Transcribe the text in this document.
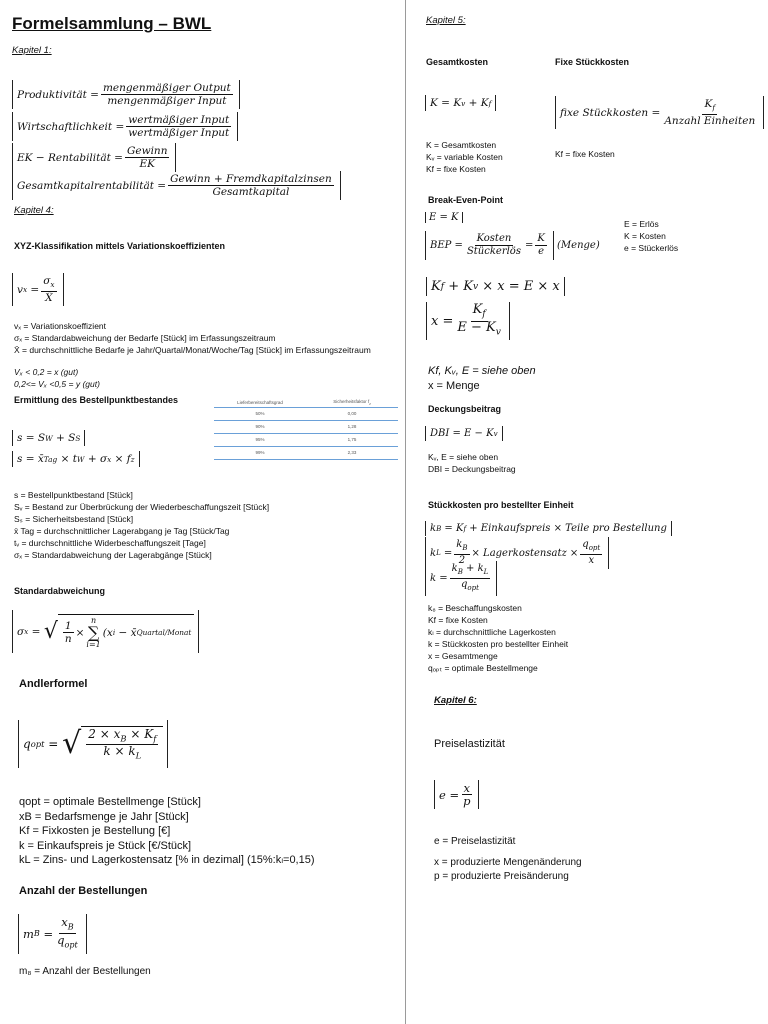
Formelsammlung – BWL
Kapitel 1:
Produktivität = $\frac{\text{mengenmäßiger Output}}{\text{mengenmäßiger Input}}$
Wirtschaftlichkeit = $\frac{\text{wertmäßiger Input}}{\text{wertmäßiger Input}}$
EK − Rentabilität = $\frac{\text{Gewinn}}{EK}$
Gesamtkapitalrentabilität = $\frac{\text{Gewinn + Fremdkapitalzinsen}}{\text{Gesamtkapital}}$
Kapitel 4:
XYZ-Klassifikation mittels Variationskoeffizienten
v $x = \frac{\sigma_x}{X̄}$
vₓ = Variationskoeffizient
σₓ = Standardabweichung der Bedarfe [Stück] im Erfassungszeitraum
X̄ = durchschnittliche Bedarfe je Jahr/Quartal/Monat/Woche/Tag [Stück] im Erfassungszeitraum
Vₓ < 0,2 = x (gut)
0,2<= Vₓ <0,5 = y (gut)
Ermittlung des Bestellpunktbestandes	Lieferbereitschaftsgrad	Sicherheitsfaktor $f_z$
50%	0,00
90%	1,28
95%	1,75
99%	2,33
s = S W
+ S S
s = x̄ Tag
× t W
+ σ x
× f z
s = Bestellpunktbestand [Stück]
Sᵥ = Bestand zur Überbrückung der Wiederbeschaffungszeit [Stück]
Sₛ = Sicherheitsbestand [Stück]
x̄ Tag = durchschnittlicher Lagerabgang je Tag [Stück/Tag
tᵥ = durchschnittliche Widerbeschaffungszeit [Tage]
σₓ = Standardabweichung der Lagerabgänge [Stück]
Standardabweichung
σ x = √ $\frac{1}{n}$ ×
n
∑
i=1
(x i
− x̄ Quartal/Monat
Andlerformel
q opt = √ $\frac{2 \times x_B \times K_f}{k \times k_L}$
qopt = optimale Bestellmenge [Stück]
xB = Bedarfsmenge je Jahr [Stück]
Kf = Fixkosten je Bestellung [€]
k = Einkaufspreis je Stück [€/Stück]
kL = Zins- und Lagerkostensatz [% in dezimal] (15%:kₗ=0,15)
Anzahl der Bestellungen
m $B = \frac{x_B}{q_{opt}}$
m₈ = Anzahl der Bestellungen
Kapitel 5:
Gesamtkosten	Fixe Stückkosten
K = K v
+ K f
fixe Stückkosten = $\frac{K_f}{\text{Anzahl Einheiten}}$
K = Gesamtkosten
Kᵥ = variable Kosten
Kf = fixe Kosten
Kf = fixe Kosten
Break-Even-Point
E = K
BEP = $\frac{\text{Kosten}}{\text{Stückerlös}} = \frac{K}{e}$ (Menge)
E = Erlös
K = Kosten
e = Stückerlös
K f
+ K v
× x = E × x
$x = \frac{K_f}{E - K_v}$
Kf, Kᵥ, E = siehe oben
x = Menge
Deckungsbeitrag
DBI = E − K v
Kᵥ, E = siehe oben
DBI = Deckungsbeitrag
Stückkosten pro bestellter Einheit
k B
= K f
+ Einkaufspreis × Teile pro Bestellung
k $L = \frac{k_B}{2}$ × Lagerkostensatz × $\frac{q_{opt}}{x}$
$k = \frac{k_B + k_L}{q_{opt}}$
k₈ = Beschaffungskosten
Kf = fixe Kosten
kₗ = durchschnittliche Lagerkosten
k = Stückkosten pro bestellter Einheit
x = Gesamtmenge
qₒₚₜ = optimale Bestellmenge
Kapitel 6:
Preiselastizität
$e = \frac{x}{p}$
e = Preiselastizität
x = produzierte Mengenänderung
p = produzierte Preisänderung
